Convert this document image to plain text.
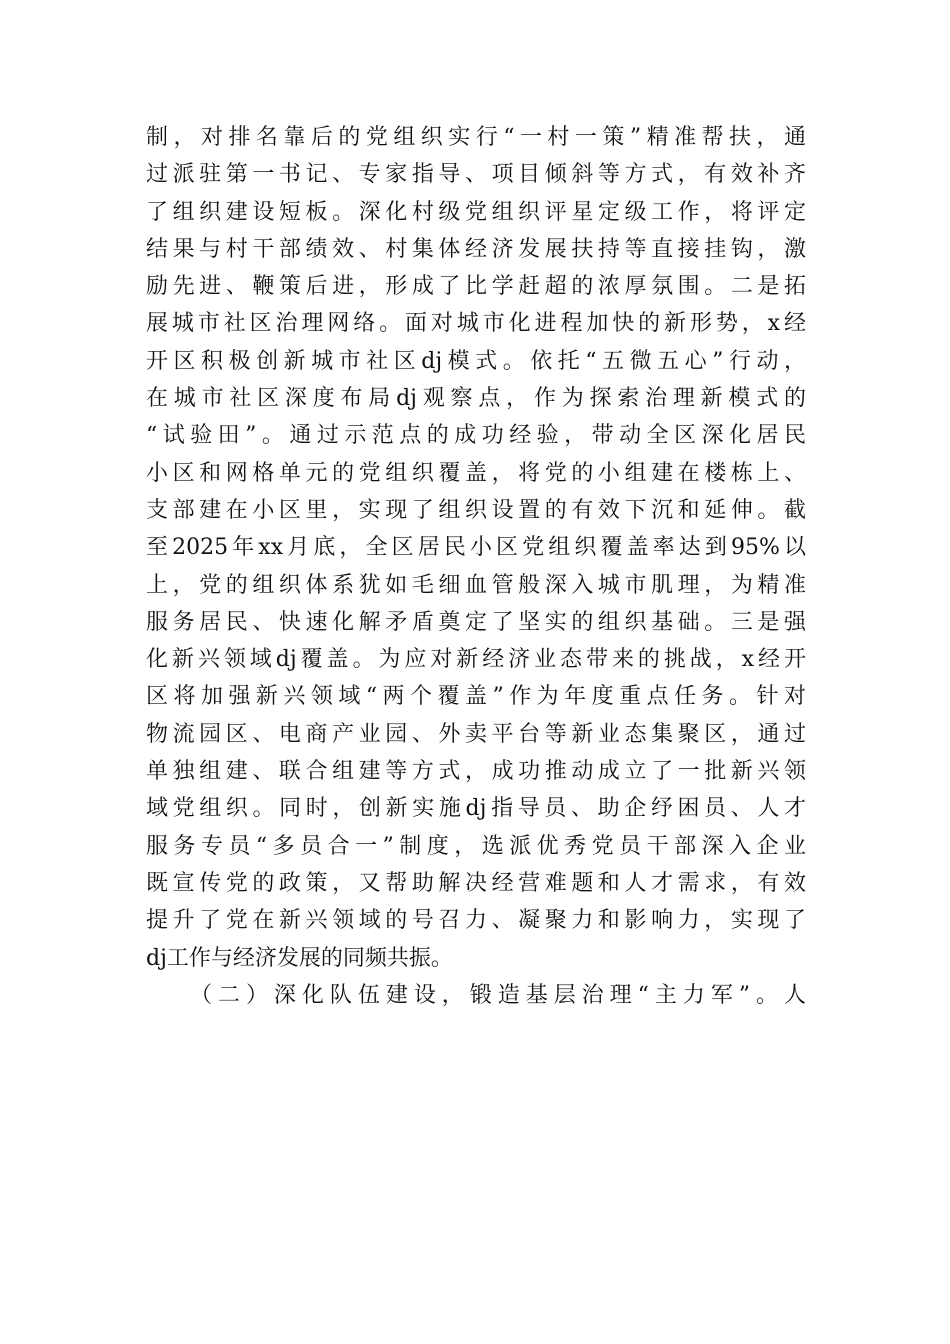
制，对排名靠后的党组织实行“一村一策”精准帮扶，通
过派驻第一书记、专家指导、项目倾斜等方式，有效补齐
了组织建设短板。深化村级党组织评星定级工作，将评定
结果与村干部绩效、村集体经济发展扶持等直接挂钩，激
励先进、鞭策后进，形成了比学赶超的浓厚氛围。二是拓
展城市社区治理网络。面对城市化进程加快的新形势，x经
开区积极创新城市社区dj模式。依托“五微五心”行动，
在城市社区深度布局dj观察点，作为探索治理新模式的
“试验田”。通过示范点的成功经验，带动全区深化居民
小区和网格单元的党组织覆盖，将党的小组建在楼栋上、
支部建在小区里，实现了组织设置的有效下沉和延伸。截
至2025年xx月底，全区居民小区党组织覆盖率达到95%以
上，党的组织体系犹如毛细血管般深入城市肌理，为精准
服务居民、快速化解矛盾奠定了坚实的组织基础。三是强
化新兴领域dj覆盖。为应对新经济业态带来的挑战，x经开
区将加强新兴领域“两个覆盖”作为年度重点任务。针对
物流园区、电商产业园、外卖平台等新业态集聚区，通过
单独组建、联合组建等方式，成功推动成立了一批新兴领
域党组织。同时，创新实施dj指导员、助企纾困员、人才
服务专员“多员合一”制度，选派优秀党员干部深入企业
既宣传党的政策，又帮助解决经营难题和人才需求，有效
提升了党在新兴领域的号召力、凝聚力和影响力，实现了
dj工作与经济发展的同频共振。
（二）深化队伍建设，锻造基层治理“主力军”。人
